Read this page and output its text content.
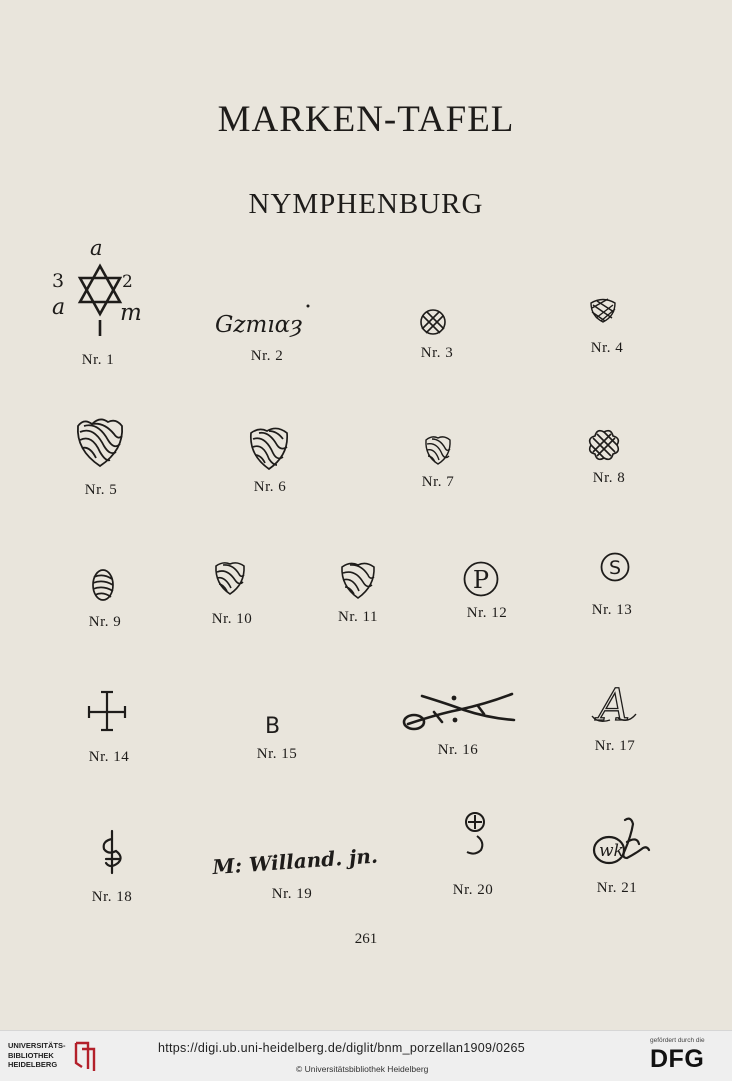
MARKEN-TAFEL
NYMPHENBURG
a
3	2
a m
Nr. 1
Gzmıɑȝ
Nr. 2	Nr. 3	Nr. 4
Nr. 5	Nr. 6	Nr. 7	Nr. 8
Nr. 9	Nr. 10	Nr. 11
P
Nr. 12
S
Nr. 13
Nr. 14
B
Nr. 15	Nr. 16
A
Nr. 17
Nr. 18
M: Willand. jn.
Nr. 19	Nr. 20
wk
Nr. 21
261
UNIVERSITÄTS-
BIBLIOTHEK
HEIDELBERG
https://digi.ub.uni-heidelberg.de/diglit/bnm_porzellan1909/0265
© Universitätsbibliothek Heidelberg
gefördert durch die
DFG
